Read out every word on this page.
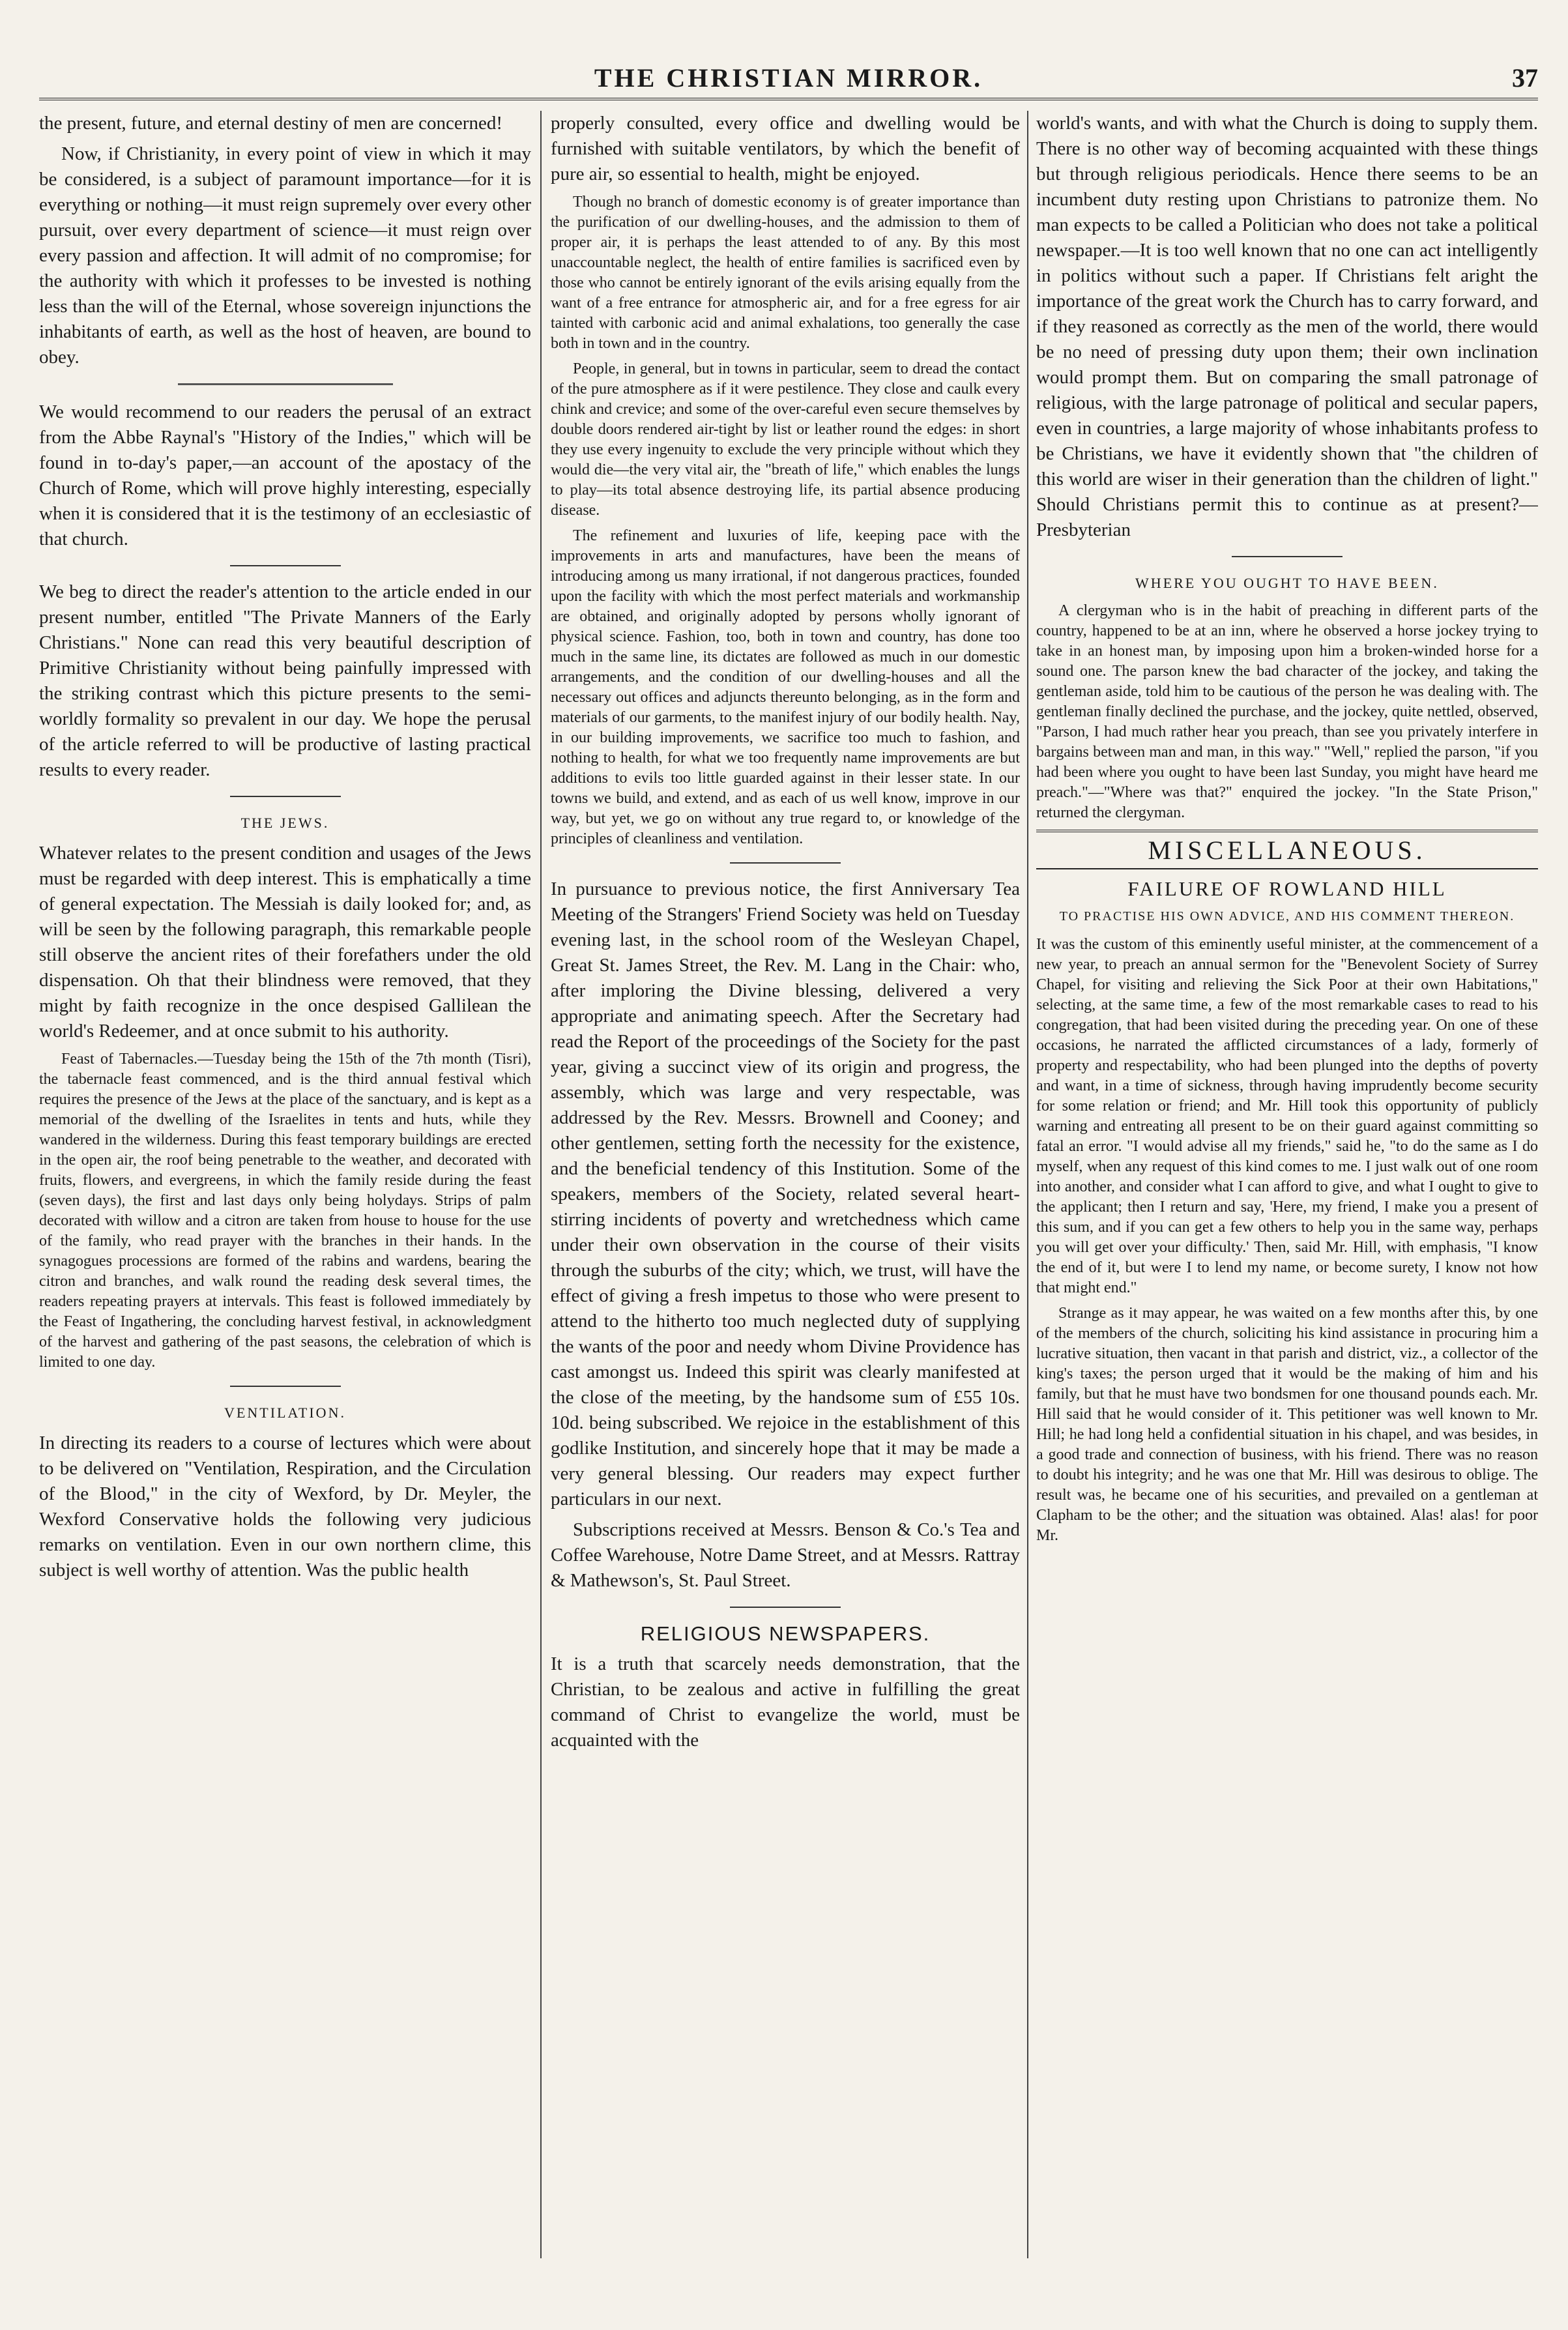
THE CHRISTIAN MIRROR.	37

the present, future, and eternal destiny of men are concerned!

Now, if Christianity, in every point of view in which it may be considered, is a subject of paramount importance—for it is everything or nothing—it must reign supremely over every other pursuit, over every department of science—it must reign over every passion and affection. It will admit of no compromise; for the authority with which it professes to be invested is nothing less than the will of the Eternal, whose sovereign injunctions the inhabitants of earth, as well as the host of heaven, are bound to obey.

We would recommend to our readers the perusal of an extract from the Abbe Raynal's "History of the Indies," which will be found in to-day's paper,—an account of the apostacy of the Church of Rome, which will prove highly interesting, especially when it is considered that it is the testimony of an ecclesiastic of that church.

We beg to direct the reader's attention to the article ended in our present number, entitled "The Private Manners of the Early Christians." None can read this very beautiful description of Primitive Christianity without being painfully impressed with the striking contrast which this picture presents to the semi-worldly formality so prevalent in our day. We hope the perusal of the article referred to will be productive of lasting practical results to every reader.

THE JEWS.

Whatever relates to the present condition and usages of the Jews must be regarded with deep interest. This is emphatically a time of general expectation. The Messiah is daily looked for; and, as will be seen by the following paragraph, this remarkable people still observe the ancient rites of their forefathers under the old dispensation. Oh that their blindness were removed, that they might by faith recognize in the once despised Gallilean the world's Redeemer, and at once submit to his authority.

Feast of Tabernacles.—Tuesday being the 15th of the 7th month (Tisri), the tabernacle feast commenced, and is the third annual festival which requires the presence of the Jews at the place of the sanctuary, and is kept as a memorial of the dwelling of the Israelites in tents and huts, while they wandered in the wilderness. During this feast temporary buildings are erected in the open air, the roof being penetrable to the weather, and decorated with fruits, flowers, and evergreens, in which the family reside during the feast (seven days), the first and last days only being holydays. Strips of palm decorated with willow and a citron are taken from house to house for the use of the family, who read prayer with the branches in their hands. In the synagogues processions are formed of the rabins and wardens, bearing the citron and branches, and walk round the reading desk several times, the readers repeating prayers at intervals. This feast is followed immediately by the Feast of Ingathering, the concluding harvest festival, in acknowledgment of the harvest and gathering of the past seasons, the celebration of which is limited to one day.

VENTILATION.

In directing its readers to a course of lectures which were about to be delivered on "Ventilation, Respiration, and the Circulation of the Blood," in the city of Wexford, by Dr. Meyler, the Wexford Conservative holds the following very judicious remarks on ventilation. Even in our own northern clime, this subject is well worthy of attention. Was the public health

properly consulted, every office and dwelling would be furnished with suitable ventilators, by which the benefit of pure air, so essential to health, might be enjoyed.

Though no branch of domestic economy is of greater importance than the purification of our dwelling-houses, and the admission to them of proper air, it is perhaps the least attended to of any. By this most unaccountable neglect, the health of entire families is sacrificed even by those who cannot be entirely ignorant of the evils arising equally from the want of a free entrance for atmospheric air, and for a free egress for air tainted with carbonic acid and animal exhalations, too generally the case both in town and in the country.

People, in general, but in towns in particular, seem to dread the contact of the pure atmosphere as if it were pestilence. They close and caulk every chink and crevice; and some of the over-careful even secure themselves by double doors rendered air-tight by list or leather round the edges: in short they use every ingenuity to exclude the very principle without which they would die—the very vital air, the "breath of life," which enables the lungs to play—its total absence destroying life, its partial absence producing disease.

The refinement and luxuries of life, keeping pace with the improvements in arts and manufactures, have been the means of introducing among us many irrational, if not dangerous practices, founded upon the facility with which the most perfect materials and workmanship are obtained, and originally adopted by persons wholly ignorant of physical science. Fashion, too, both in town and country, has done too much in the same line, its dictates are followed as much in our domestic arrangements, and the condition of our dwelling-houses and all the necessary out offices and adjuncts thereunto belonging, as in the form and materials of our garments, to the manifest injury of our bodily health. Nay, in our building improvements, we sacrifice too much to fashion, and nothing to health, for what we too frequently name improvements are but additions to evils too little guarded against in their lesser state. In our towns we build, and extend, and as each of us well know, improve in our way, but yet, we go on without any true regard to, or knowledge of the principles of cleanliness and ventilation.

In pursuance to previous notice, the first Anniversary Tea Meeting of the Strangers' Friend Society was held on Tuesday evening last, in the school room of the Wesleyan Chapel, Great St. James Street, the Rev. M. Lang in the Chair: who, after imploring the Divine blessing, delivered a very appropriate and animating speech. After the Secretary had read the Report of the proceedings of the Society for the past year, giving a succinct view of its origin and progress, the assembly, which was large and very respectable, was addressed by the Rev. Messrs. Brownell and Cooney; and other gentlemen, setting forth the necessity for the existence, and the beneficial tendency of this Institution. Some of the speakers, members of the Society, related several heart-stirring incidents of poverty and wretchedness which came under their own observation in the course of their visits through the suburbs of the city; which, we trust, will have the effect of giving a fresh impetus to those who were present to attend to the hitherto too much neglected duty of supplying the wants of the poor and needy whom Divine Providence has cast amongst us. Indeed this spirit was clearly manifested at the close of the meeting, by the handsome sum of £55 10s. 10d. being subscribed. We rejoice in the establishment of this godlike Institution, and sincerely hope that it may be made a very general blessing. Our readers may expect further particulars in our next.

Subscriptions received at Messrs. Benson & Co.'s Tea and Coffee Warehouse, Notre Dame Street, and at Messrs. Rattray & Mathewson's, St. Paul Street.

RELIGIOUS NEWSPAPERS.

It is a truth that scarcely needs demonstration, that the Christian, to be zealous and active in fulfilling the great command of Christ to evangelize the world, must be acquainted with the

world's wants, and with what the Church is doing to supply them. There is no other way of becoming acquainted with these things but through religious periodicals. Hence there seems to be an incumbent duty resting upon Christians to patronize them. No man expects to be called a Politician who does not take a political newspaper.—It is too well known that no one can act intelligently in politics without such a paper. If Christians felt aright the importance of the great work the Church has to carry forward, and if they reasoned as correctly as the men of the world, there would be no need of pressing duty upon them; their own inclination would prompt them. But on comparing the small patronage of religious, with the large patronage of political and secular papers, even in countries, a large majority of whose inhabitants profess to be Christians, we have it evidently shown that "the children of this world are wiser in their generation than the children of light." Should Christians permit this to continue as at present?—Presbyterian

WHERE YOU OUGHT TO HAVE BEEN.

A clergyman who is in the habit of preaching in different parts of the country, happened to be at an inn, where he observed a horse jockey trying to take in an honest man, by imposing upon him a broken-winded horse for a sound one. The parson knew the bad character of the jockey, and taking the gentleman aside, told him to be cautious of the person he was dealing with. The gentleman finally declined the purchase, and the jockey, quite nettled, observed, "Parson, I had much rather hear you preach, than see you privately interfere in bargains between man and man, in this way." "Well," replied the parson, "if you had been where you ought to have been last Sunday, you might have heard me preach."—"Where was that?" enquired the jockey. "In the State Prison," returned the clergyman.

MISCELLANEOUS.
FAILURE OF ROWLAND HILL
TO PRACTISE HIS OWN ADVICE, AND HIS COMMENT THEREON.

It was the custom of this eminently useful minister, at the commencement of a new year, to preach an annual sermon for the "Benevolent Society of Surrey Chapel, for visiting and relieving the Sick Poor at their own Habitations," selecting, at the same time, a few of the most remarkable cases to read to his congregation, that had been visited during the preceding year. On one of these occasions, he narrated the afflicted circumstances of a lady, formerly of property and respectability, who had been plunged into the depths of poverty and want, in a time of sickness, through having imprudently become security for some relation or friend; and Mr. Hill took this opportunity of publicly warning and entreating all present to be on their guard against committing so fatal an error. "I would advise all my friends," said he, "to do the same as I do myself, when any request of this kind comes to me. I just walk out of one room into another, and consider what I can afford to give, and what I ought to give to the applicant; then I return and say, 'Here, my friend, I make you a present of this sum, and if you can get a few others to help you in the same way, perhaps you will get over your difficulty.' Then, said Mr. Hill, with emphasis, "I know the end of it, but were I to lend my name, or become surety, I know not how that might end."

Strange as it may appear, he was waited on a few months after this, by one of the members of the church, soliciting his kind assistance in procuring him a lucrative situation, then vacant in that parish and district, viz., a collector of the king's taxes; the person urged that it would be the making of him and his family, but that he must have two bondsmen for one thousand pounds each. Mr. Hill said that he would consider of it. This petitioner was well known to Mr. Hill; he had long held a confidential situation in his chapel, and was besides, in a good trade and connection of business, with his friend. There was no reason to doubt his integrity; and he was one that Mr. Hill was desirous to oblige. The result was, he became one of his securities, and prevailed on a gentleman at Clapham to be the other; and the situation was obtained. Alas! alas! for poor Mr.
